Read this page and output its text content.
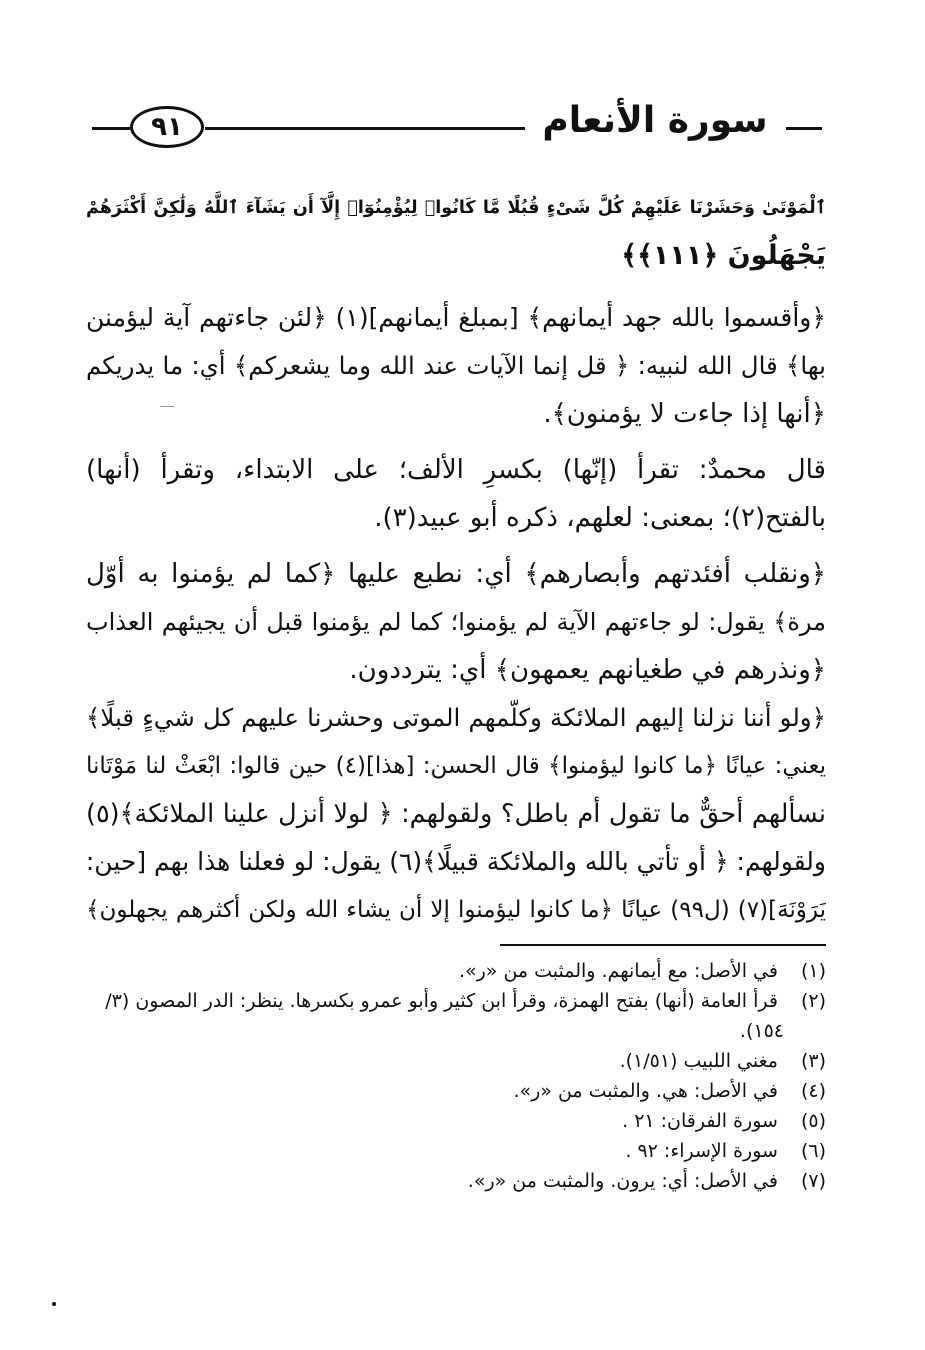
٩١	سورة الأنعام
ٱلْمَوْتَىٰ وَحَشَرْنَا عَلَيْهِمْ كُلَّ شَىْءٍ قُبُلًا مَّا كَانُوا۟ لِيُؤْمِنُوٓا۟ إِلَّآ أَن يَشَآءَ ٱللَّهُ وَلَٰكِنَّ أَكْثَرَهُمْ
يَجْهَلُونَ ﴿١١١﴾﴾
﴿وأقسموا بالله جهد أيمانهم﴾ [بمبلغ أيمانهم](١) ﴿لئن جاءتهم آية ليؤمنن
بها﴾ قال الله لنبيه: ﴿ قل إنما الآيات عند الله وما يشعركم﴾ أي: ما يدريكم
﴿أنها إذا جاءت لا يؤمنون﴾.
قال محمدٌ: تقرأ (إنّها) بكسرِ الألف؛ على الابتداء، وتقرأ (أنها)
بالفتح(٢)؛ بمعنى: لعلهم، ذكره أبو عبيد(٣).
﴿ونقلب أفئدتهم وأبصارهم﴾ أي: نطبع عليها ﴿كما لم يؤمنوا به أوّل
مرة﴾ يقول: لو جاءتهم الآية لم يؤمنوا؛ كما لم يؤمنوا قبل أن يجيئهم العذاب
﴿ونذرهم في طغيانهم يعمهون﴾ أي: يترددون.
﴿ولو أننا نزلنا إليهم الملائكة وكلّمهم الموتى وحشرنا عليهم كل شيءٍ قبلًا﴾
يعني: عيانًا ﴿ما كانوا ليؤمنوا﴾ قال الحسن: [هذا](٤) حين قالوا: ابْعَثْ لنا مَوْتَانا
نسألهم أحقٌّ ما تقول أم باطل؟ ولقولهم: ﴿ لولا أنزل علينا الملائكة﴾(٥)
ولقولهم: ﴿ أو تأتي بالله والملائكة قبيلًا﴾(٦) يقول: لو فعلنا هذا بهم [حين:
يَرَوْنَهَ](٧) (ل٩٩) عيانًا ﴿ما كانوا ليؤمنوا إلا أن يشاء الله ولكن أكثرهم يجهلون﴾
(١) في الأصل: مع أيمانهم. والمثبت من «ر».
(٢) قرأ العامة (أنها) بفتح الهمزة، وقرأ ابن كثير وأبو عمرو بكسرها. ينظر: الدر المصون (٣/
١٥٤).
(٣) مغني اللبيب (١/٥١).
(٤) في الأصل: هي. والمثبت من «ر».
(٥) سورة الفرقان: ٢١ .
(٦) سورة الإسراء: ٩٢ .
(٧) في الأصل: أي: يرون. والمثبت من «ر».
